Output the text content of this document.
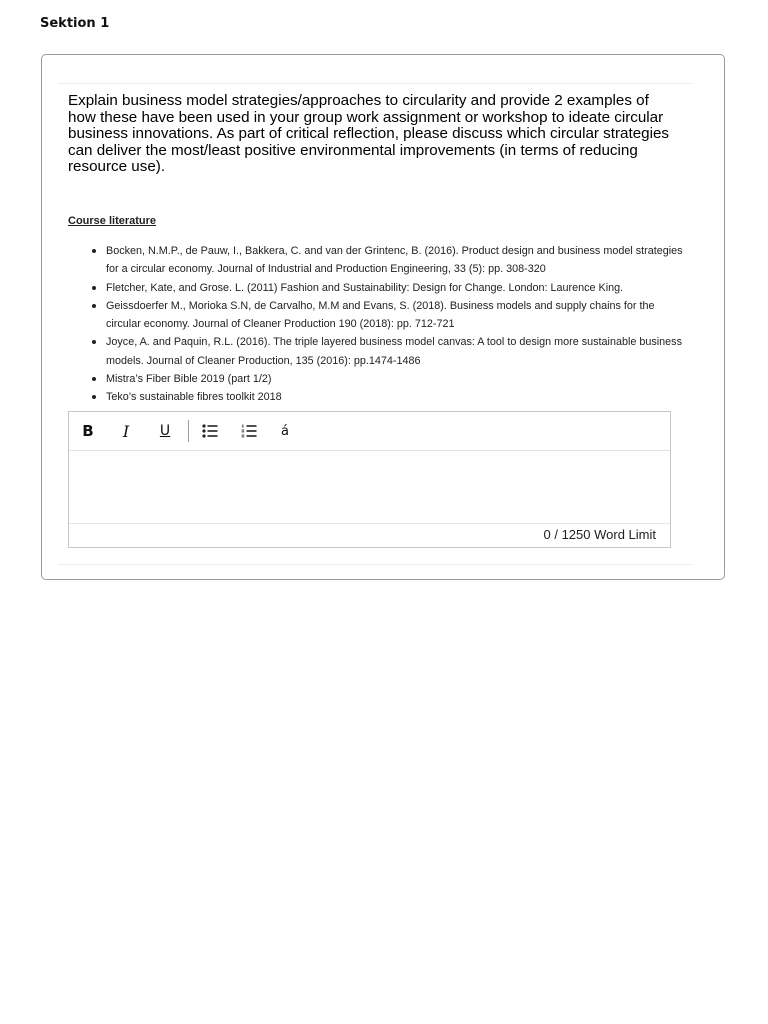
Sektion 1
Explain business model strategies/approaches to circularity and provide 2 examples of how these have been used in your group work assignment or workshop to ideate circular business innovations. As part of critical reflection, please discuss which circular strategies can deliver the most/least positive environmental improvements (in terms of reducing resource use).
Course literature
Bocken, N.M.P., de Pauw, I., Bakkera, C. and van der Grintenc, B. (2016). Product design and business model strategies for a circular economy. Journal of Industrial and Production Engineering, 33 (5): pp. 308-320
Fletcher, Kate, and Grose. L. (2011) Fashion and Sustainability: Design for Change. London: Laurence King.
Geissdoerfer M., Morioka S.N, de Carvalho, M.M and Evans, S. (2018). Business models and supply chains for the circular economy. Journal of Cleaner Production 190 (2018): pp. 712-721
Joyce, A. and Paquin, R.L. (2016). The triple layered business model canvas: A tool to design more sustainable business models. Journal of Cleaner Production, 135 (2016): pp.1474-1486
Mistra’s Fiber Bible 2019 (part 1/2)
Teko’s sustainable fibres toolkit 2018
B	I	U	á
0 / 1250 Word Limit
